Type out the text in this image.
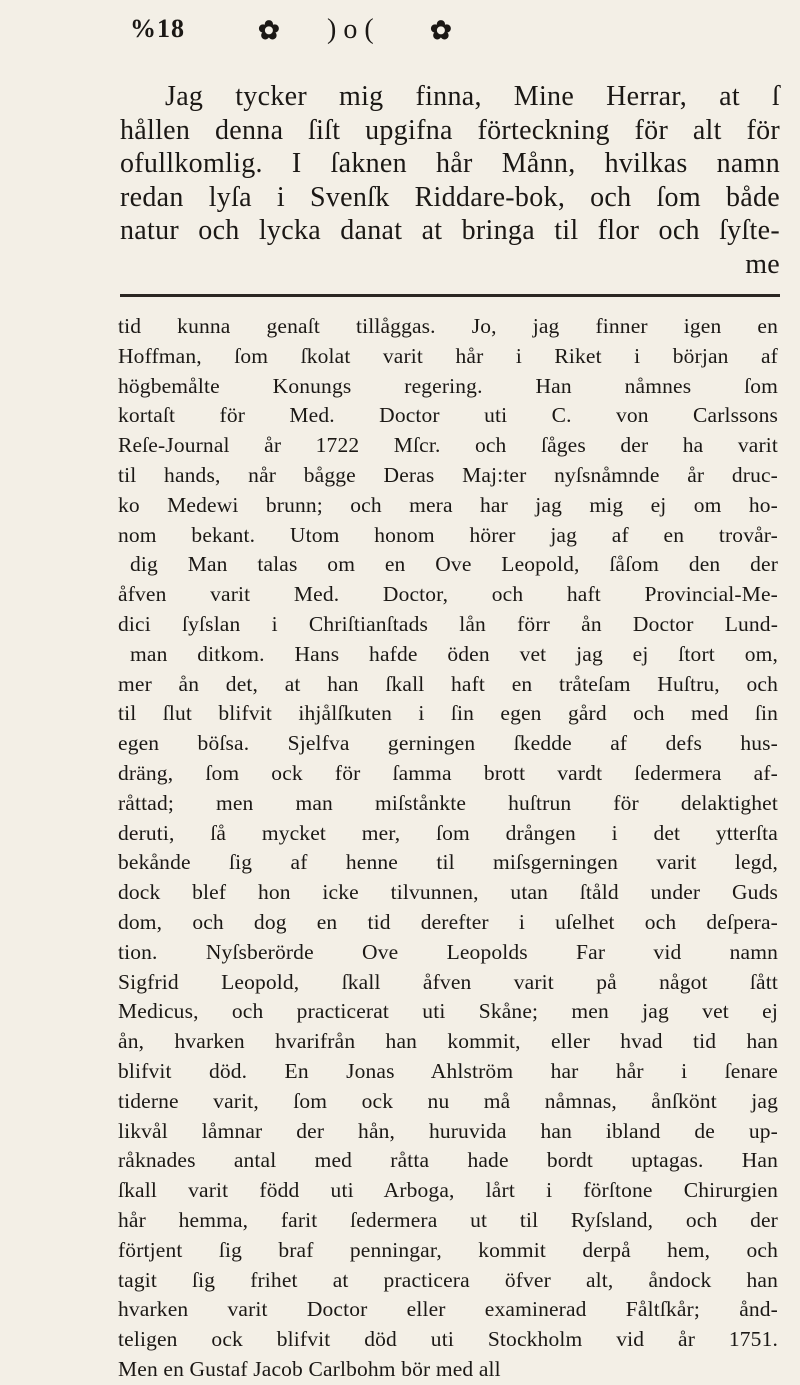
%18	✿ ) o ( ✿
Jag tycker mig finna, Mine Herrar, at ſ
hållen denna ſiſt upgifna förteckning för alt för
ofullkomlig. I ſaknen hår Månn, hvilkas namn
redan lyſa i Svenſk Riddare-bok, och ſom både
natur och lycka danat at bringa til flor och ſyſte-
me
tid kunna genaſt tillåggas. Jo, jag finner igen en
Hoffman, ſom ſkolat varit hår i Riket i början af
högbemålte Konungs regering. Han nåmnes ſom
kortaſt för Med. Doctor uti C. von Carlssons
Reſe-Journal år 1722 Mſcr. och ſåges der ha varit
til hands, når bågge Deras Maj:ter nyſsnåmnde år druc-
ko Medewi brunn; och mera har jag mig ej om ho-
nom bekant. Utom honom hörer jag af en trovår-
dig Man talas om en Ove Leopold, ſåſom den der
åfven varit Med. Doctor, och haft Provincial-Me-
dici ſyſslan i Chriſtianſtads lån förr ån Doctor Lund-
man ditkom. Hans hafde öden vet jag ej ſtort om,
mer ån det, at han ſkall haft en tråteſam Huſtru, och
til ſlut blifvit ihjålſkuten i ſin egen gård och med ſin
egen böſsa. Sjelfva gerningen ſkedde af defs hus-
dräng, ſom ock för ſamma brott vardt ſedermera af-
råttad; men man miſstånkte huſtrun för delaktighet
deruti, ſå mycket mer, ſom drången i det ytterſta
bekånde ſig af henne til miſsgerningen varit legd,
dock blef hon icke tilvunnen, utan ſtåld under Guds
dom, och dog en tid derefter i uſelhet och deſpera-
tion. Nyſsberörde Ove Leopolds Far vid namn
Sigfrid Leopold, ſkall åfven varit på något ſått
Medicus, och practicerat uti Skåne; men jag vet ej
ån, hvarken hvarifrån han kommit, eller hvad tid han
blifvit död. En Jonas Ahlström har hår i ſenare
tiderne varit, ſom ock nu må nåmnas, ånſkönt jag
likvål låmnar der hån, huruvida han ibland de up-
råknades antal med råtta hade bordt uptagas. Han
ſkall varit född uti Arboga, lårt i förſtone Chirurgien
hår hemma, farit ſedermera ut til Ryſsland, och der
förtjent ſig braf penningar, kommit derpå hem, och
tagit ſig frihet at practicera öfver alt, åndock han
hvarken varit Doctor eller examinerad Fåltſkår; ånd-
teligen ock blifvit död uti Stockholm vid år 1751.
Men en Gustaf Jacob Carlbohm bör med all
